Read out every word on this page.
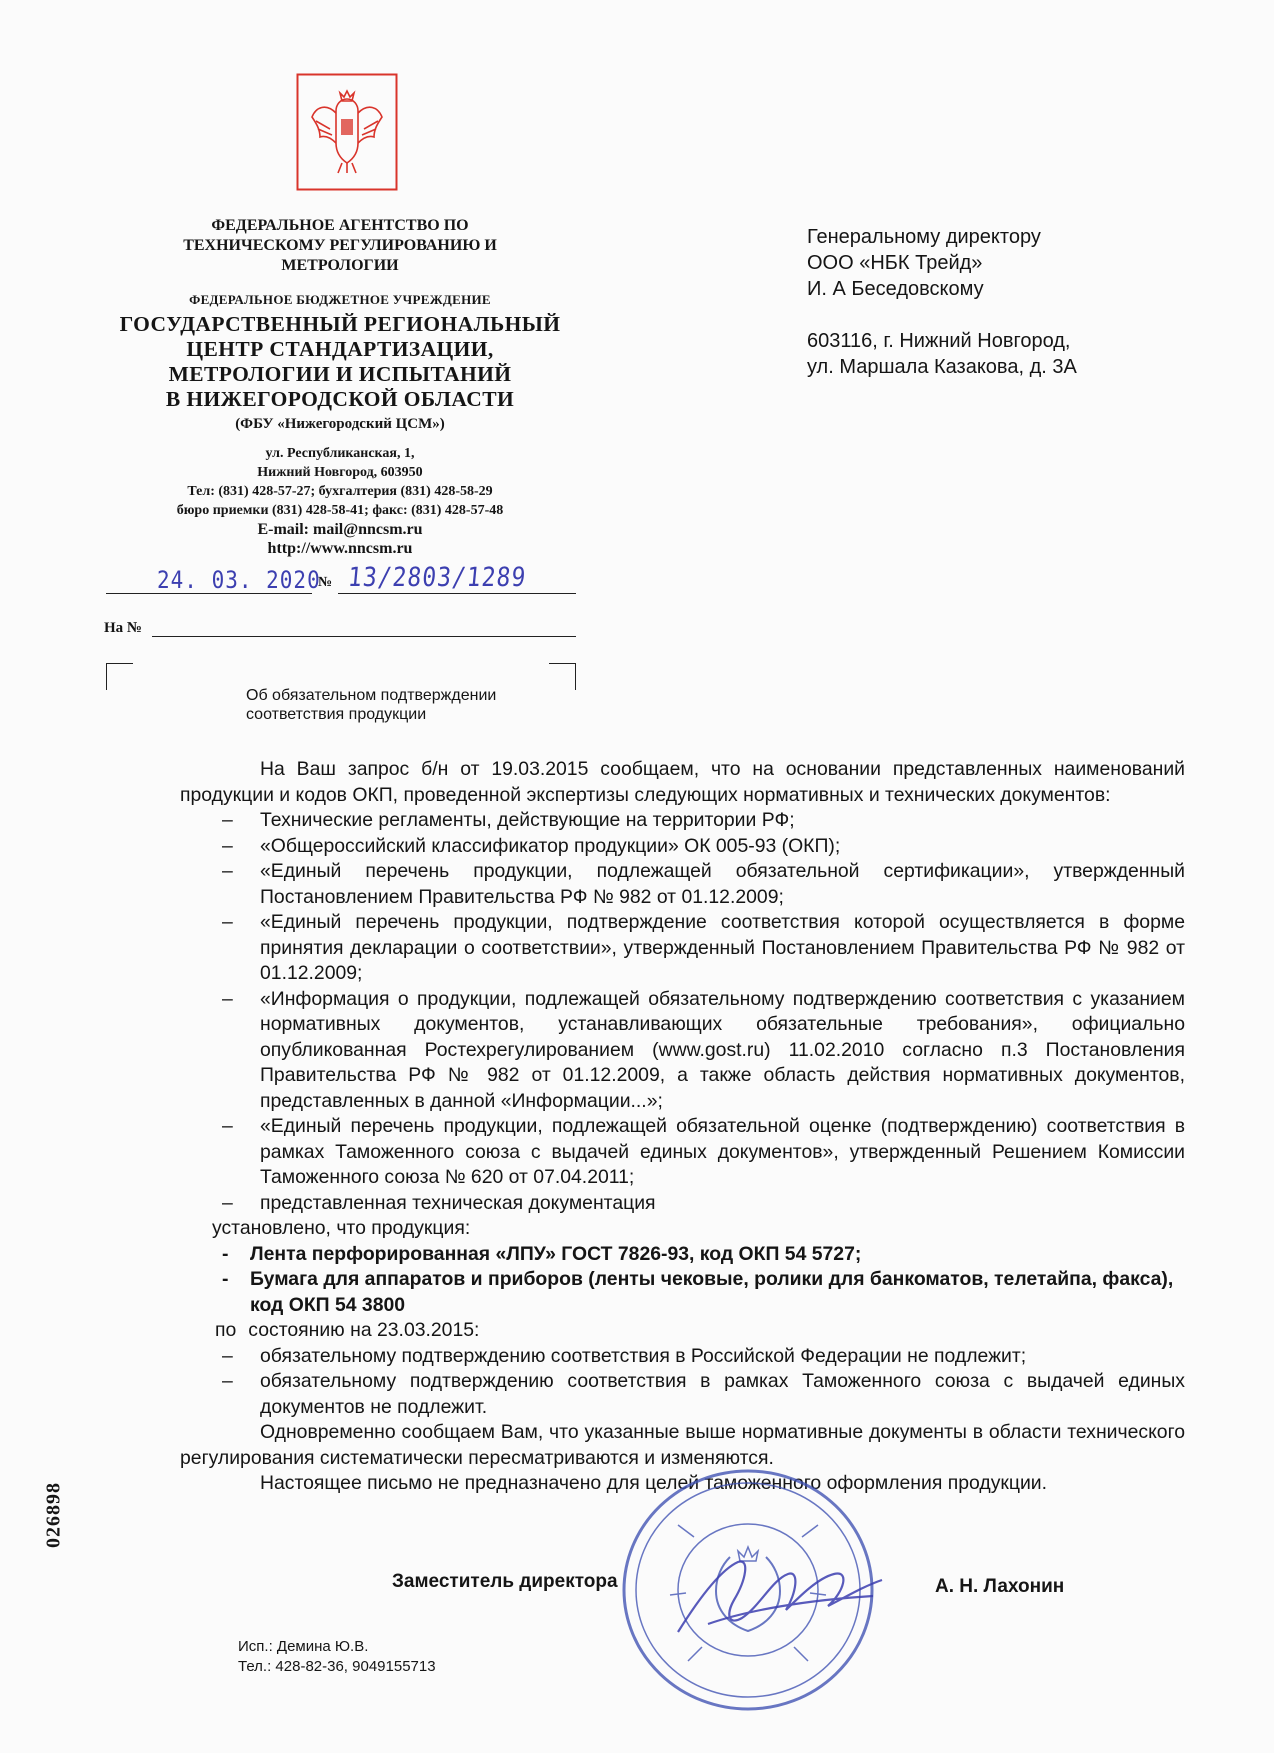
ФЕДЕРАЛЬНОЕ АГЕНТСТВО ПО ТЕХНИЧЕСКОМУ РЕГУЛИРОВАНИЮ И МЕТРОЛОГИИ
ФЕДЕРАЛЬНОЕ БЮДЖЕТНОЕ УЧРЕЖДЕНИЕ
ГОСУДАРСТВЕННЫЙ РЕГИОНАЛЬНЫЙ
ЦЕНТР СТАНДАРТИЗАЦИИ,
МЕТРОЛОГИИ И ИСПЫТАНИЙ
В НИЖЕГОРОДСКОЙ ОБЛАСТИ
(ФБУ «Нижегородский ЦСМ»)
ул. Республиканская, 1,
Нижний Новгород, 603950
Тел: (831) 428-57-27; бухгалтерия (831) 428-58-29
бюро приемки (831) 428-58-41; факс: (831) 428-57-48
E-mail: mail@nncsm.ru
http://www.nncsm.ru
24. 03. 2020
№ 13/2803/1289
На №
Об обязательном подтверждении
соответствия продукции
Генеральному директору
ООО «НБК Трейд»
И. А Беседовскому
603116, г. Нижний Новгород,
ул. Маршала Казакова, д. 3А

На Ваш запрос б/н от 19.03.2015 сообщаем, что на основании представленных наименований продукции и кодов ОКП, проведенной экспертизы следующих нормативных и технических документов:

– Технические регламенты, действующие на территории РФ;
– «Общероссийский классификатор продукции» ОК 005-93 (ОКП);
– «Единый перечень продукции, подлежащей обязательной сертификации», утвержденный Постановлением Правительства РФ № 982 от 01.12.2009;
– «Единый перечень продукции, подтверждение соответствия которой осуществляется в форме принятия декларации о соответствии», утвержденный Постановлением Правительства РФ № 982 от 01.12.2009;
– «Информация о продукции, подлежащей обязательному подтверждению соответствия с указанием нормативных документов, устанавливающих обязательные требования», официально опубликованная Ростехрегулированием (www.gost.ru) 11.02.2010 согласно п.3 Постановления Правительства РФ № 982 от 01.12.2009, а также область действия нормативных документов, представленных в данной «Информации...»;
– «Единый перечень продукции, подлежащей обязательной оценке (подтверждению) соответствия в рамках Таможенного союза с выдачей единых документов», утвержденный Решением Комиссии Таможенного союза № 620 от 07.04.2011;
– представленная техническая документация

установлено, что продукция:

- Лента перфорированная «ЛПУ» ГОСТ 7826-93, код ОКП 54 5727;
- Бумага для аппаратов и приборов (ленты чековые, ролики для банкоматов, телетайпа, факса), код ОКП 54 3800

по состоянию на 23.03.2015:

– обязательному подтверждению соответствия в Российской Федерации не подлежит;
– обязательному подтверждению соответствия в рамках Таможенного союза с выдачей единых документов не подлежит.

Одновременно сообщаем Вам, что указанные выше нормативные документы в области технического регулирования систематически пересматриваются и изменяются.

Настоящее письмо не предназначено для целей таможенного оформления продукции.

Заместитель директора	А. Н. Лахонин
Исп.: Демина Ю.В.
Тел.: 428-82-36, 9049155713
026898
